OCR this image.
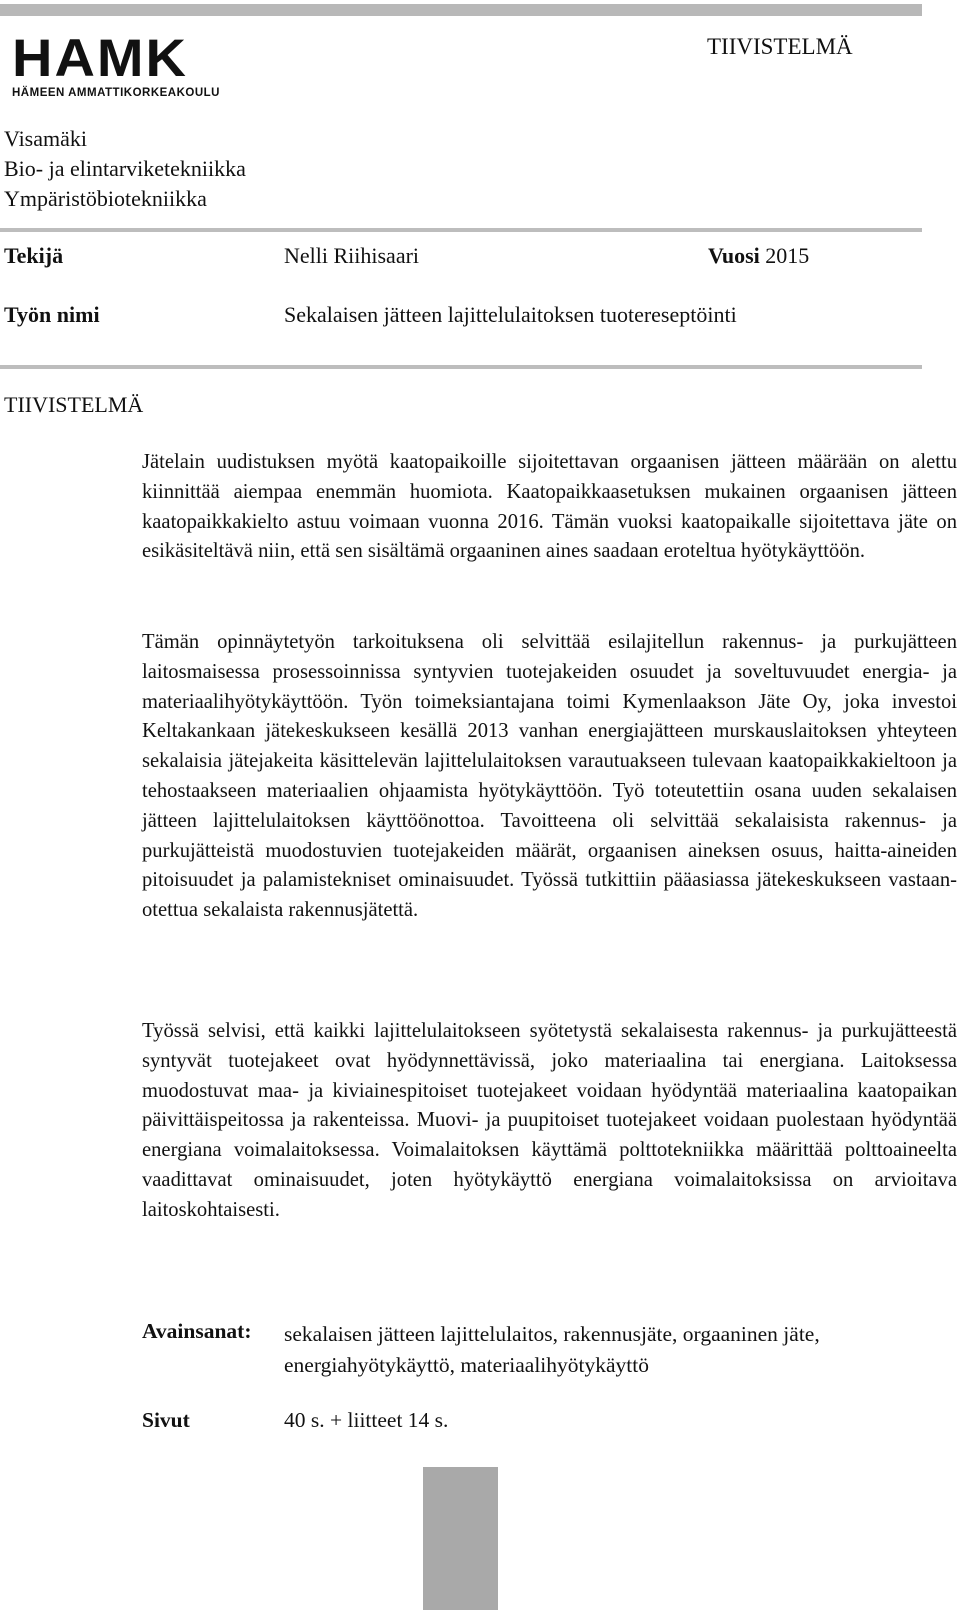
HAMK
HÄMEEN AMMATTIKORKEAKOULU
TIIVISTELMÄ
Visamäki
Bio- ja elintarviketekniikka
Ympäristöbiotekniikka
Tekijä	Nelli Riihisaari	Vuosi 2015
Työn nimi	Sekalaisen jätteen lajittelulaitoksen tuotereseptöinti
TIIVISTELMÄ

Jätelain uudistuksen myötä kaatopaikoille sijoitettavan orgaanisen jätteen määrään on alettu kiinnittää aiempaa enemmän huomiota. Kaatopaikkaasetuksen mukainen orgaanisen jätteen kaatopaikkakielto astuu voimaan vuonna 2016. Tämän vuoksi kaatopaikalle sijoitettava jäte on esikäsiteltävä niin, että sen sisältämä orgaaninen aines saadaan eroteltua hyötykäyttöön.

Tämän opinnäytetyön tarkoituksena oli selvittää esilajitellun rakennus- ja purkujätteen laitosmaisessa prosessoinnissa syntyvien tuotejakeiden osuudet ja soveltuvuudet energia- ja materiaalihyötykäyttöön. Työn toimeksiantajana toimi Kymenlaakson Jäte Oy, joka investoi Keltakankaan jätekeskukseen kesällä 2013 vanhan energiajätteen murskauslaitoksen yhteyteen sekalaisia jätejakeita käsittelevän lajittelulaitoksen varautuakseen tulevaan kaatopaikkakieltoon ja tehostaakseen materiaalien ohjaamista hyötykäyttöön. Työ toteutettiin osana uuden sekalaisen jätteen lajittelulaitoksen käyttöönottoa. Tavoitteena oli selvittää sekalaisista rakennus- ja purkujätteistä muodostuvien tuotejakeiden määrät, orgaanisen aineksen osuus, haitta-aineiden pitoisuudet ja palamistekniset ominaisuudet. Työssä tutkittiin pääasiassa jätekeskukseen vastaanotettua sekalaista rakennusjätettä.

Työssä selvisi, että kaikki lajittelulaitokseen syötetystä sekalaisesta rakennus- ja purkujätteestä syntyvät tuotejakeet ovat hyödynnettävissä, joko materiaalina tai energiana. Laitoksessa muodostuvat maa- ja kiviainespitoiset tuotejakeet voidaan hyödyntää materiaalina kaatopaikan päivittäispeitossa ja rakenteissa. Muovi- ja puupitoiset tuotejakeet voidaan puolestaan hyödyntää energiana voimalaitoksessa. Voimalaitoksen käyttämä polttotekniikka määrittää polttoaineelta vaadittavat ominaisuudet, joten hyötykäyttö energiana voimalaitoksissa on arvioitava laitoskohtaisesti.

Avainsanat: sekalaisen jätteen lajittelulaitos, rakennusjäte, orgaaninen jäte, energiahyötykäyttö, materiaalihyötykäyttö
Sivut	40 s. + liitteet 14 s.
